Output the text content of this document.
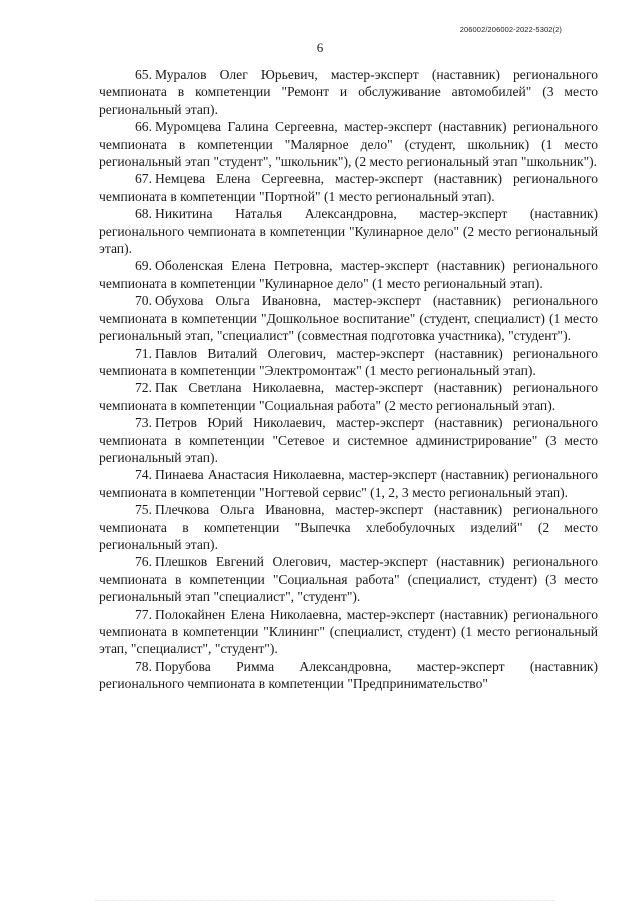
206002/206002-2022-5302(2)
6

65. Муралов Олег Юрьевич, мастер-эксперт (наставник) регионального чемпионата в компетенции "Ремонт и обслуживание автомобилей" (3 место региональный этап).

66. Муромцева Галина Сергеевна, мастер-эксперт (наставник) регионального чемпионата в компетенции "Малярное дело" (студент, школьник) (1 место региональный этап "студент", "школьник"), (2 место региональный этап "школьник").

67. Немцева Елена Сергеевна, мастер-эксперт (наставник) регионального чемпионата в компетенции "Портной" (1 место региональный этап).

68. Никитина Наталья Александровна, мастер-эксперт (наставник) регионального чемпионата в компетенции "Кулинарное дело" (2 место региональный этап).

69. Оболенская Елена Петровна, мастер-эксперт (наставник) регионального чемпионата в компетенции "Кулинарное дело" (1 место региональный этап).

70. Обухова Ольга Ивановна, мастер-эксперт (наставник) регионального чемпионата в компетенции "Дошкольное воспитание" (студент, специалист) (1 место региональный этап, "специалист" (совместная подготовка участника), "студент").

71. Павлов Виталий Олегович, мастер-эксперт (наставник) регионального чемпионата в компетенции "Электромонтаж" (1 место региональный этап).

72. Пак Светлана Николаевна, мастер-эксперт (наставник) регионального чемпионата в компетенции "Социальная работа" (2 место региональный этап).

73. Петров Юрий Николаевич, мастер-эксперт (наставник) регионального чемпионата в компетенции "Сетевое и системное администрирование" (3 место региональный этап).

74. Пинаева Анастасия Николаевна, мастер-эксперт (наставник) регионального чемпионата в компетенции "Ногтевой сервис" (1, 2, 3 место региональный этап).

75. Плечкова Ольга Ивановна, мастер-эксперт (наставник) регионального чемпионата в компетенции "Выпечка хлебобулочных изделий" (2 место региональный этап).

76. Плешков Евгений Олегович, мастер-эксперт (наставник) регионального чемпионата в компетенции "Социальная работа" (специалист, студент) (3 место региональный этап "специалист", "студент").

77. Полокайнен Елена Николаевна, мастер-эксперт (наставник) регионального чемпионата в компетенции "Клининг" (специалист, студент) (1 место региональный этап, "специалист", "студент").

78. Порубова Римма Александровна, мастер-эксперт (наставник) регионального чемпионата в компетенции "Предпринимательство"
